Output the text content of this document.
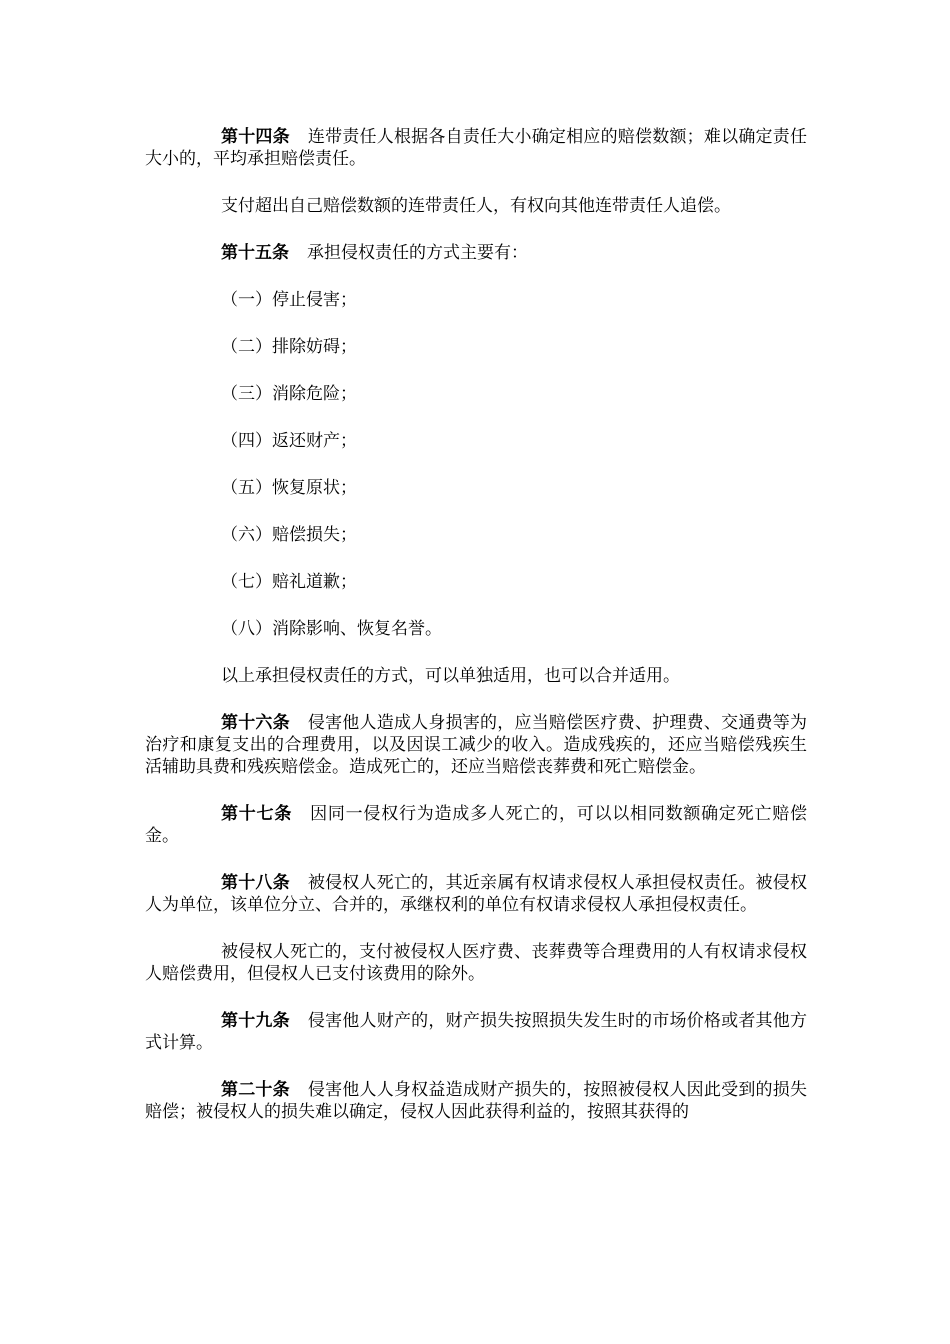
第十四条 连带责任人根据各自责任大小确定相应的赔偿数额；难以确定责任大小的，平均承担赔偿责任。

支付超出自己赔偿数额的连带责任人，有权向其他连带责任人追偿。

第十五条 承担侵权责任的方式主要有：

（一）停止侵害；

（二）排除妨碍；

（三）消除危险；

（四）返还财产；

（五）恢复原状；

（六）赔偿损失；

（七）赔礼道歉；

（八）消除影响、恢复名誉。

以上承担侵权责任的方式，可以单独适用，也可以合并适用。

第十六条 侵害他人造成人身损害的，应当赔偿医疗费、护理费、交通费等为治疗和康复支出的合理费用，以及因误工减少的收入。造成残疾的，还应当赔偿残疾生活辅助具费和残疾赔偿金。造成死亡的，还应当赔偿丧葬费和死亡赔偿金。

第十七条 因同一侵权行为造成多人死亡的，可以以相同数额确定死亡赔偿金。

第十八条 被侵权人死亡的，其近亲属有权请求侵权人承担侵权责任。被侵权人为单位，该单位分立、合并的，承继权利的单位有权请求侵权人承担侵权责任。

被侵权人死亡的，支付被侵权人医疗费、丧葬费等合理费用的人有权请求侵权人赔偿费用，但侵权人已支付该费用的除外。

第十九条 侵害他人财产的，财产损失按照损失发生时的市场价格或者其他方式计算。

第二十条 侵害他人人身权益造成财产损失的，按照被侵权人因此受到的损失赔偿；被侵权人的损失难以确定，侵权人因此获得利益的，按照其获得的
